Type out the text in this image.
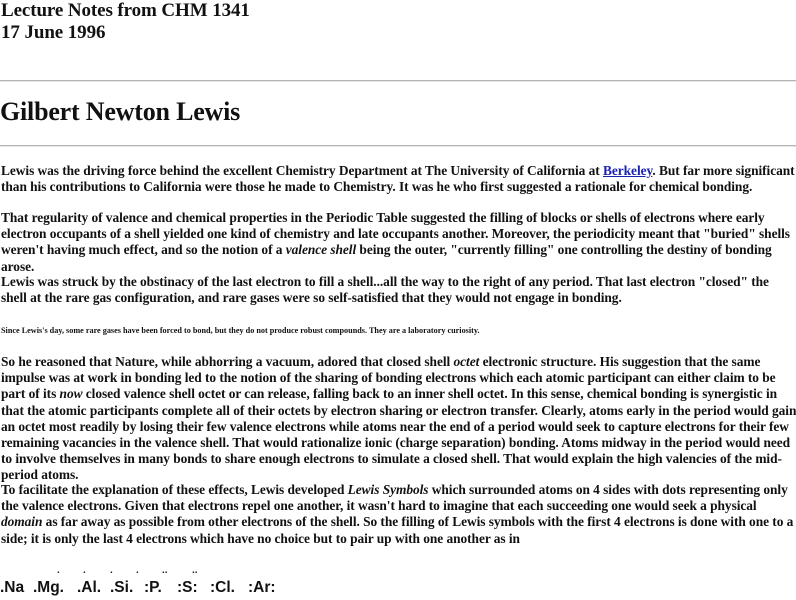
Lecture Notes from CHM 1341
17 June 1996
Gilbert Newton Lewis

Lewis was the driving force behind the excellent Chemistry Department at The University of California at Berkeley. But far more significant than his contributions to California were those he made to Chemistry. It was he who first suggested a rationale for chemical bonding.

That regularity of valence and chemical properties in the Periodic Table suggested the filling of blocks or shells of electrons where early electron occupants of a shell yielded one kind of chemistry and late occupants another. Moreover, the periodicity meant that "buried" shells weren't having much effect, and so the notion of a valence shell being the outer, "currently filling" one controlling the destiny of bonding arose.

Lewis was struck by the obstinacy of the last electron to fill a shell...all the way to the right of any period. That last electron "closed" the shell at the rare gas configuration, and rare gases were so self-satisfied that they would not engage in bonding.

Since Lewis's day, some rare gases have been forced to bond, but they do not produce robust compounds. They are a laboratory curiosity.

So he reasoned that Nature, while abhorring a vacuum, adored that closed shell octet electronic structure. His suggestion that the same impulse was at work in bonding led to the notion of the sharing of bonding electrons which each atomic participant can either claim to be part of its now closed valence shell octet or can release, falling back to an inner shell octet. In this sense, chemical bonding is synergistic in that the atomic participants complete all of their octets by electron sharing or electron transfer. Clearly, atoms early in the period would gain an octet most readily by losing their few valence electrons while atoms near the end of a period would seek to capture electrons for their few remaining vacancies in the valence shell. That would rationalize ionic (charge separation) bonding. Atoms midway in the period would need to involve themselves in many bonds to share enough electrons to simulate a closed shell. That would explain the high valencies of the mid-period atoms.

To facilitate the explanation of these effects, Lewis developed Lewis Symbols which surrounded atoms on 4 sides with dots representing only the valence electrons. Given that electrons repel one another, it wasn't hard to imagine that each succeeding one would seek a physical domain as far away as possible from other electrons of the shell. So the filling of Lewis symbols with the first 4 electrons is done with one to a side; it is only the last 4 electrons which have no choice but to pair up with one another as in

. . . . .. ..
.Na .Mg. .Al. .Si. :P. :S: :Cl. :Ar:
